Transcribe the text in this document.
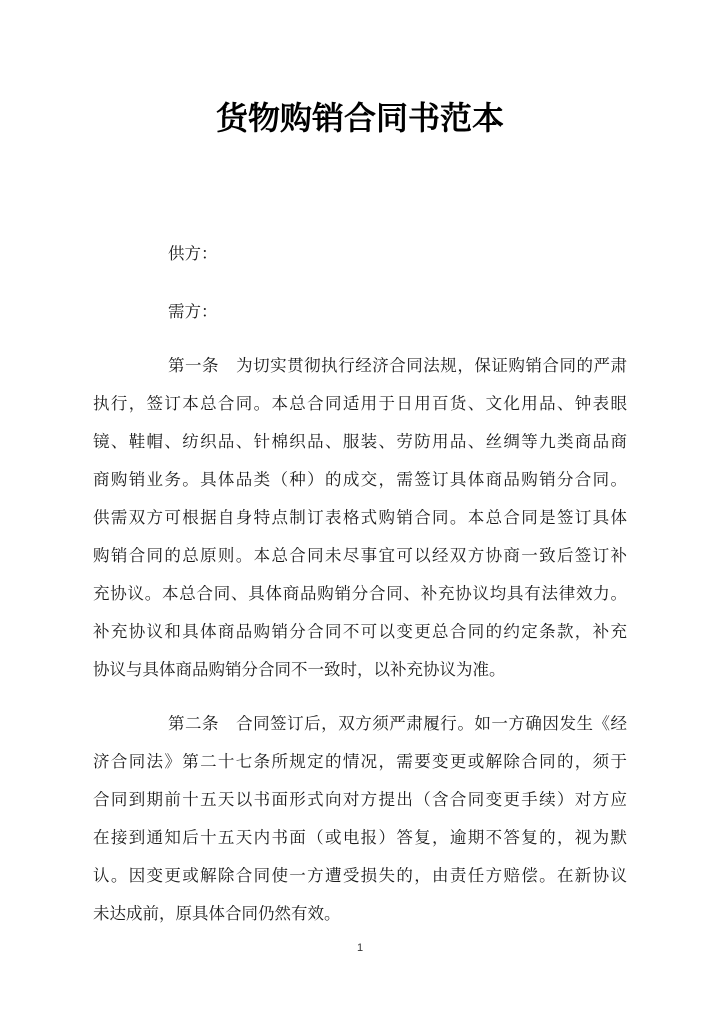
货物购销合同书范本
供方：
需方：
第一条　为切实贯彻执行经济合同法规，保证购销合同的严肃
执行，签订本总合同。本总合同适用于日用百货、文化用品、钟表眼
镜、鞋帽、纺织品、针棉织品、服装、劳防用品、丝绸等九类商品商
商购销业务。具体品类（种）的成交，需签订具体商品购销分合同。
供需双方可根据自身特点制订表格式购销合同。本总合同是签订具体
购销合同的总原则。本总合同未尽事宜可以经双方协商一致后签订补
充协议。本总合同、具体商品购销分合同、补充协议均具有法律效力。
补充协议和具体商品购销分合同不可以变更总合同的约定条款，补充
协议与具体商品购销分合同不一致时，以补充协议为准。
第二条　合同签订后，双方须严肃履行。如一方确因发生《经
济合同法》第二十七条所规定的情况，需要变更或解除合同的，须于
合同到期前十五天以书面形式向对方提出（含合同变更手续）对方应
在接到通知后十五天内书面（或电报）答复，逾期不答复的，视为默
认。因变更或解除合同使一方遭受损失的，由责任方赔偿。在新协议
未达成前，原具体合同仍然有效。
1
